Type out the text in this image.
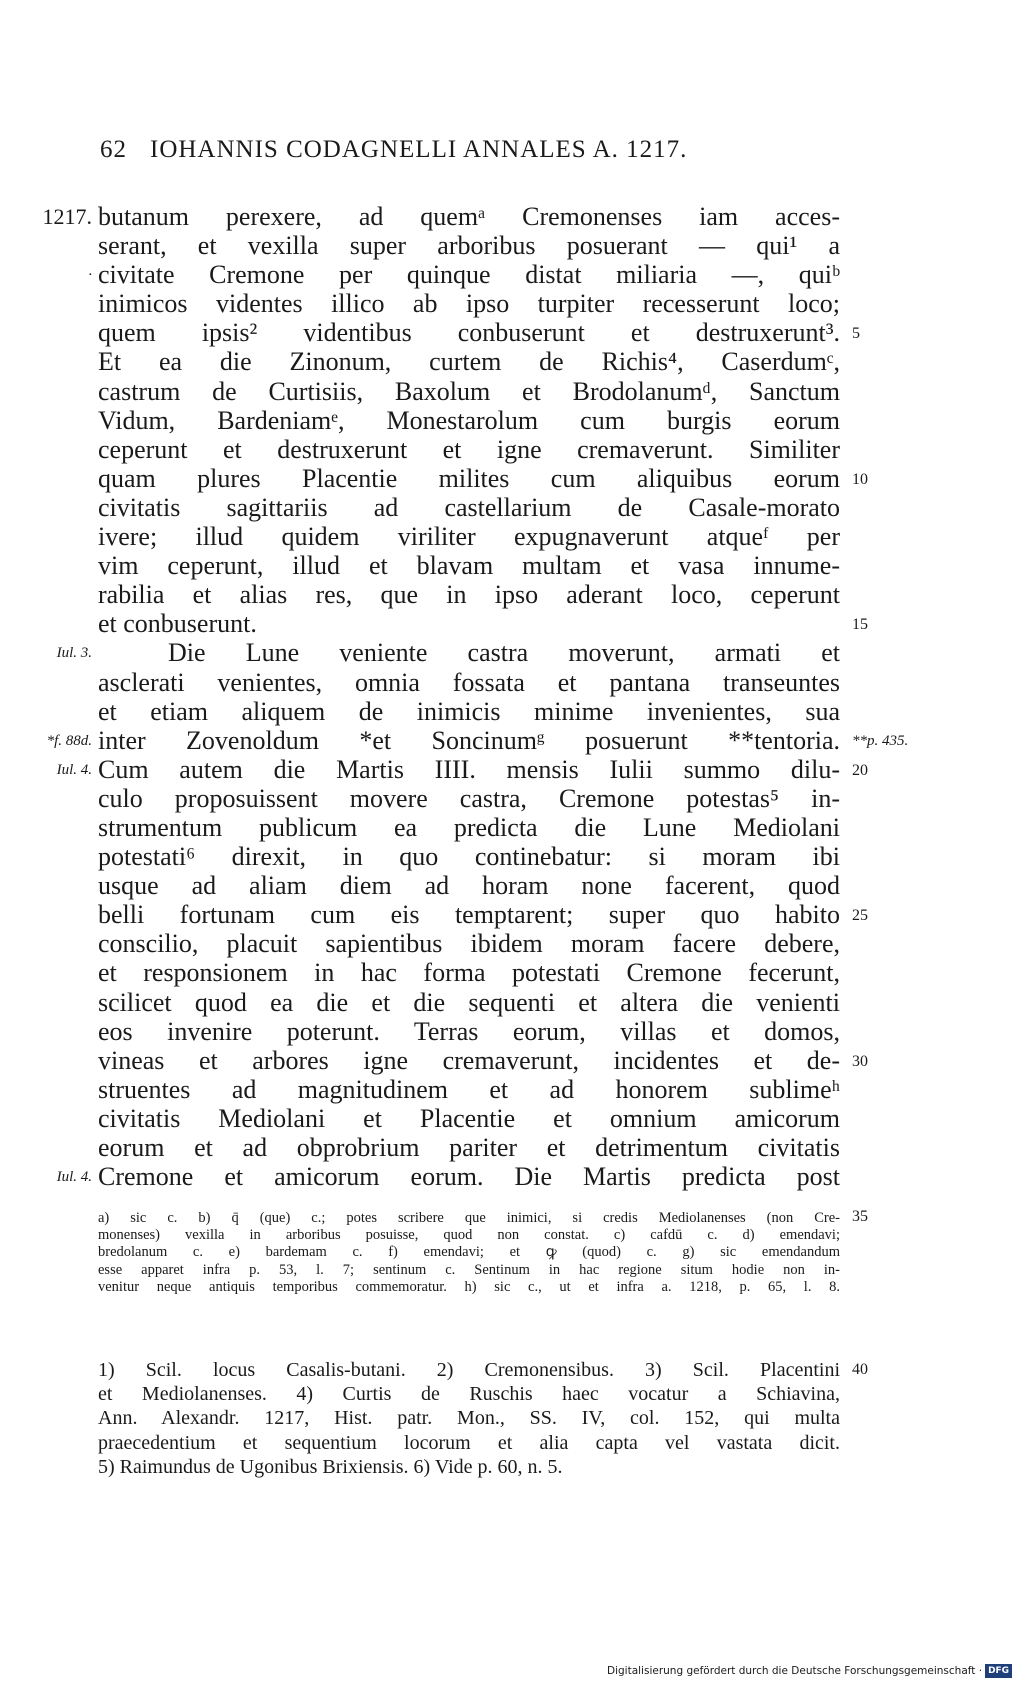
62 IOHANNIS CODAGNELLI ANNALES A. 1217.
butanum perexere, ad quemᵃ Cremonenses iam acces-
1217.
serant, et vexilla super arboribus posuerant — qui¹ a
civitate Cremone per quinque distat miliaria —, quiᵇ
·
inimicos videntes illico ab ipso turpiter recesserunt loco;
quem ipsis² videntibus conbuserunt et destruxerunt³. 5
Et ea die Zinonum, curtem de Richis⁴, Caserdumᶜ,
castrum de Curtisiis, Baxolum et Brodolanumᵈ, Sanctum
Vidum, Bardeniamᵉ, Monestarolum cum burgis eorum
ceperunt et destruxerunt et igne cremaverunt. Similiter
quam plures Placentie milites cum aliquibus eorum 10
civitatis sagittariis ad castellarium de Casale-morato
ivere; illud quidem viriliter expugnaverunt atqueᶠ per
vim ceperunt, illud et blavam multam et vasa innume-
rabilia et alias res, que in ipso aderant loco, ceperunt
et conbuserunt.	15
Die Lune veniente castra moverunt, armati et
Iul. 3.
asclerati venientes, omnia fossata et pantana transeuntes
et etiam aliquem de inimicis minime invenientes, sua
inter Zovenoldum *et Soncinumᵍ posuerunt **tentoria.
*f. 88d.	**p. 435.
Cum autem die Martis IIII. mensis Iulii summo dilu- 20
Iul. 4.
culo proposuissent movere castra, Cremone potestas⁵ in-
strumentum publicum ea predicta die Lune Mediolani
potestati⁶ direxit, in quo continebatur: si moram ibi
usque ad aliam diem ad horam none facerent, quod
belli fortunam cum eis temptarent; super quo habito 25
conscilio, placuit sapientibus ibidem moram facere debere,
et responsionem in hac forma potestati Cremone fecerunt,
scilicet quod ea die et die sequenti et altera die venienti
eos invenire poterunt. Terras eorum, villas et domos,
vineas et arbores igne cremaverunt, incidentes et de- 30
struentes ad magnitudinem et ad honorem sublimeʰ
civitatis Mediolani et Placentie et omnium amicorum
eorum et ad obprobrium pariter et detrimentum civitatis
Cremone et amicorum eorum. Die Martis predicta post
Iul. 4.
a) sic c. b) q̄ (que) c.; potes scribere que inimici, si credis Mediolanenses (non Cre- 35
monenses) vexilla in arboribus posuisse, quod non constat. c) cafdū c. d) emendavi;
bredolanum c. e) bardemam c. f) emendavi; et ꝙ (quod) c. g) sic emendandum
esse apparet infra p. 53, l. 7; sentinum c. Sentinum in hac regione situm hodie non in-
venitur neque antiquis temporibus commemoratur. h) sic c., ut et infra a. 1218, p. 65, l. 8.
1) Scil. locus Casalis-butani. 2) Cremonensibus. 3) Scil. Placentini 40
et Mediolanenses. 4) Curtis de Ruschis haec vocatur a Schiavina,
Ann. Alexandr. 1217, Hist. patr. Mon., SS. IV, col. 152, qui multa
praecedentium et sequentium locorum et alia capta vel vastata dicit.
5) Raimundus de Ugonibus Brixiensis. 6) Vide p. 60, n. 5.
Digitalisierung gefördert durch die Deutsche Forschungsgemeinschaft · DFG
